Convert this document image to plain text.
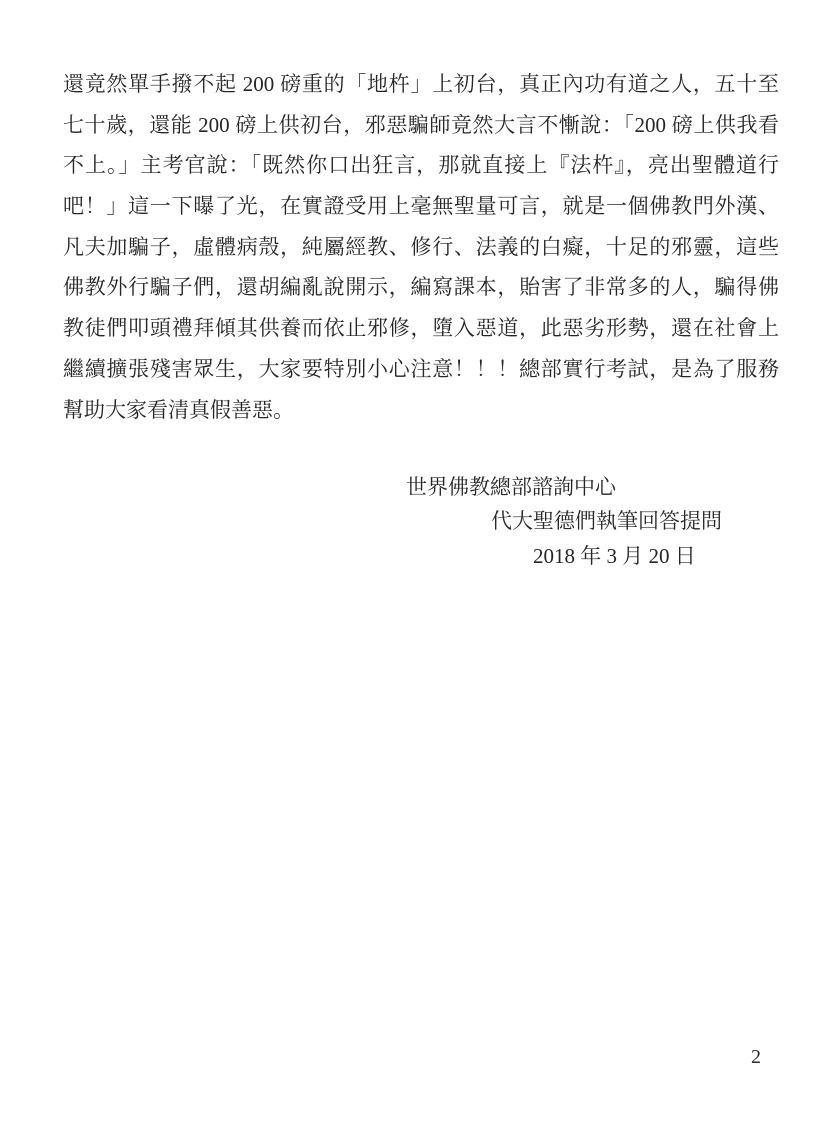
還竟然單手撥不起 200 磅重的「地杵」上初台，真正內功有道之人，五十至
七十歲，還能 200 磅上供初台，邪惡騙師竟然大言不慚說：「200 磅上供我看
不上。」主考官說：「既然你口出狂言，那就直接上『法杵』，亮出聖體道行
吧！」這一下曝了光，在實證受用上毫無聖量可言，就是一個佛教門外漢、
凡夫加騙子，虛體病殼，純屬經教、修行、法義的白癡，十足的邪靈，這些
佛教外行騙子們，還胡編亂說開示，編寫課本，貽害了非常多的人，騙得佛
教徒們叩頭禮拜傾其供養而依止邪修，墮入惡道，此惡劣形勢，還在社會上
繼續擴張殘害眾生，大家要特別小心注意！！！總部實行考試，是為了服務
幫助大家看清真假善惡。
世界佛教總部諮詢中心
代大聖德們執筆回答提問
2018 年 3 月 20 日
2
